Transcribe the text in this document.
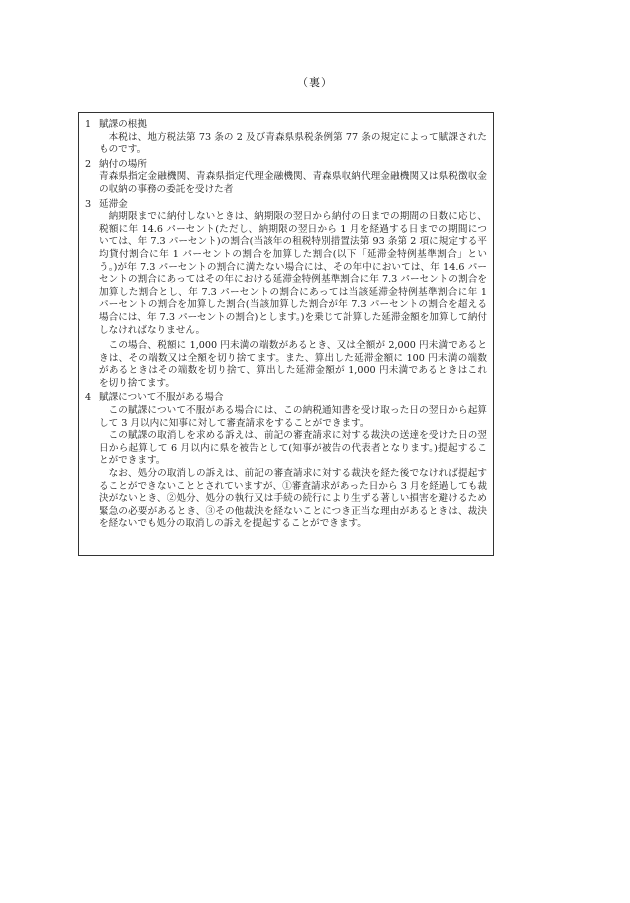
（裏）
1 賦課の根拠

本税は、地方税法第 73 条の 2 及び青森県県税条例第 77 条の規定によって賦課されたものです。

2 納付の場所

青森県指定金融機関、青森県指定代理金融機関、青森県収納代理金融機関又は県税徴収金の収納の事務の委託を受けた者

3 延滞金

納期限までに納付しないときは、納期限の翌日から納付の日までの期間の日数に応じ、税額に年 14.6 パーセント(ただし、納期限の翌日から 1 月を経過する日までの期間については、年 7.3 パーセント)の割合(当該年の租税特別措置法第 93 条第 2 項に規定する平均貸付割合に年 1 パーセントの割合を加算した割合(以下「延滞金特例基準割合」という。)が年 7.3 パーセントの割合に満たない場合には、その年中においては、年 14.6 パーセントの割合にあってはその年における延滞金特例基準割合に年 7.3 パーセントの割合を加算した割合とし、年 7.3 パーセントの割合にあっては当該延滞金特例基準割合に年 1 パーセントの割合を加算した割合(当該加算した割合が年 7.3 パーセントの割合を超える場合には、年 7.3 パーセントの割合)とします。)を乗じて計算した延滞金額を加算して納付しなければなりません。

この場合、税額に 1,000 円未満の端数があるとき、又は全額が 2,000 円未満であるときは、その端数又は全額を切り捨てます。また、算出した延滞金額に 100 円未満の端数があるときはその端数を切り捨て、算出した延滞金額が 1,000 円未満であるときはこれを切り捨てます。

4 賦課について不服がある場合

この賦課について不服がある場合には、この納税通知書を受け取った日の翌日から起算して 3 月以内に知事に対して審査請求をすることができます。

この賦課の取消しを求める訴えは、前記の審査請求に対する裁決の送達を受けた日の翌日から起算して 6 月以内に県を被告として(知事が被告の代表者となります。)提起することができます。

なお、処分の取消しの訴えは、前記の審査請求に対する裁決を経た後でなければ提起することができないこととされていますが、①審査請求があった日から 3 月を経過しても裁決がないとき、②処分、処分の執行又は手続の続行により生ずる著しい損害を避けるため緊急の必要があるとき、③その他裁決を経ないことにつき正当な理由があるときは、裁決を経ないでも処分の取消しの訴えを提起することができます。
